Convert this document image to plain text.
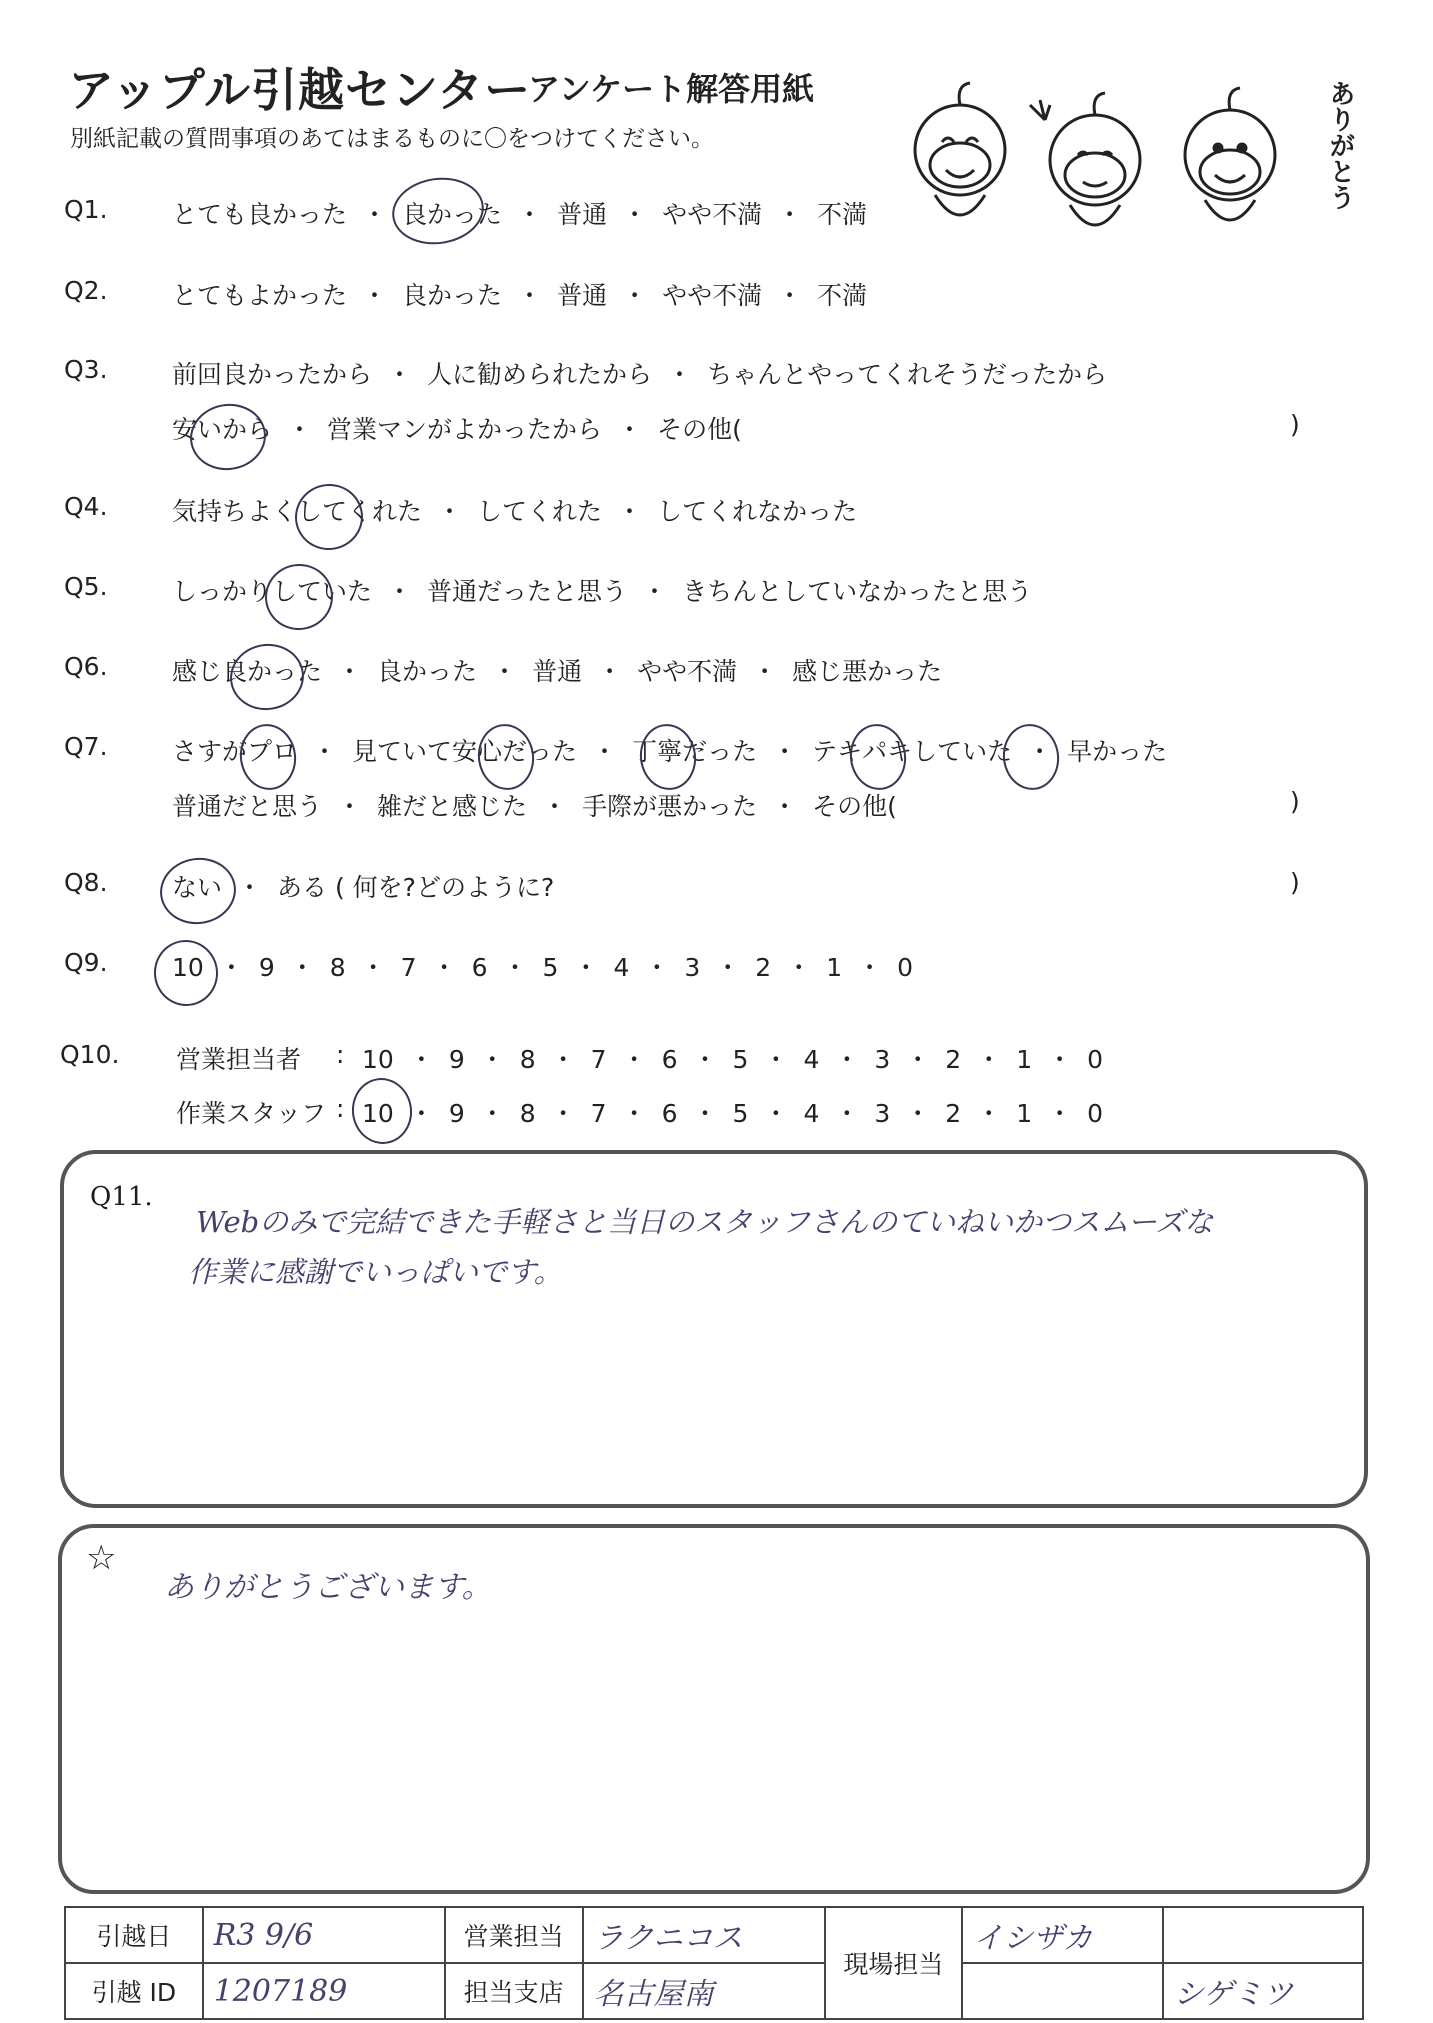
アップル引越センター
アンケート解答用紙
別紙記載の質問事項のあてはまるものに〇をつけてください。	ありがとう
Q1.	とても良かった ・ 良かった ・ 普通 ・ やや不満 ・ 不満
Q2.	とてもよかった ・ 良かった ・ 普通 ・ やや不満 ・ 不満
Q3.	前回良かったから ・ 人に勧められたから ・ ちゃんとやってくれそうだったから
安いから ・ 営業マンがよかったから ・ その他(	)
Q4.	気持ちよくしてくれた ・ してくれた ・ してくれなかった
Q5.	しっかりしていた ・ 普通だったと思う ・ きちんとしていなかったと思う
Q6.	感じ良かった ・ 良かった ・ 普通 ・ やや不満 ・ 感じ悪かった
Q7.	さすがプロ ・ 見ていて安心だった ・ 丁寧だった ・ テキパキしていた ・ 早かった
普通だと思う ・ 雑だと感じた ・ 手際が悪かった ・ その他(	)
Q8.	ない ・ ある ( 何を?どのように?	)
Q9.	10 ・ 9 ・ 8 ・ 7 ・ 6 ・ 5 ・ 4 ・ 3 ・ 2 ・ 1 ・ 0
Q10. 営業担当者 : 10 ・ 9 ・ 8 ・ 7 ・ 6 ・ 5 ・ 4 ・ 3 ・ 2 ・ 1 ・ 0
作業スタッフ : 10 ・ 9 ・ 8 ・ 7 ・ 6 ・ 5 ・ 4 ・ 3 ・ 2 ・ 1 ・ 0
Q11.
Webのみで完結できた手軽さと当日のスタッフさんのていねいかつスムーズな
作業に感謝でいっぱいです。
☆
ありがとうございます。
引越日	R3 9/6	営業担当	ラクニコス	現場担当	イシザカ	
引越 ID	1207189	担当支店	名古屋南			シゲミツ
